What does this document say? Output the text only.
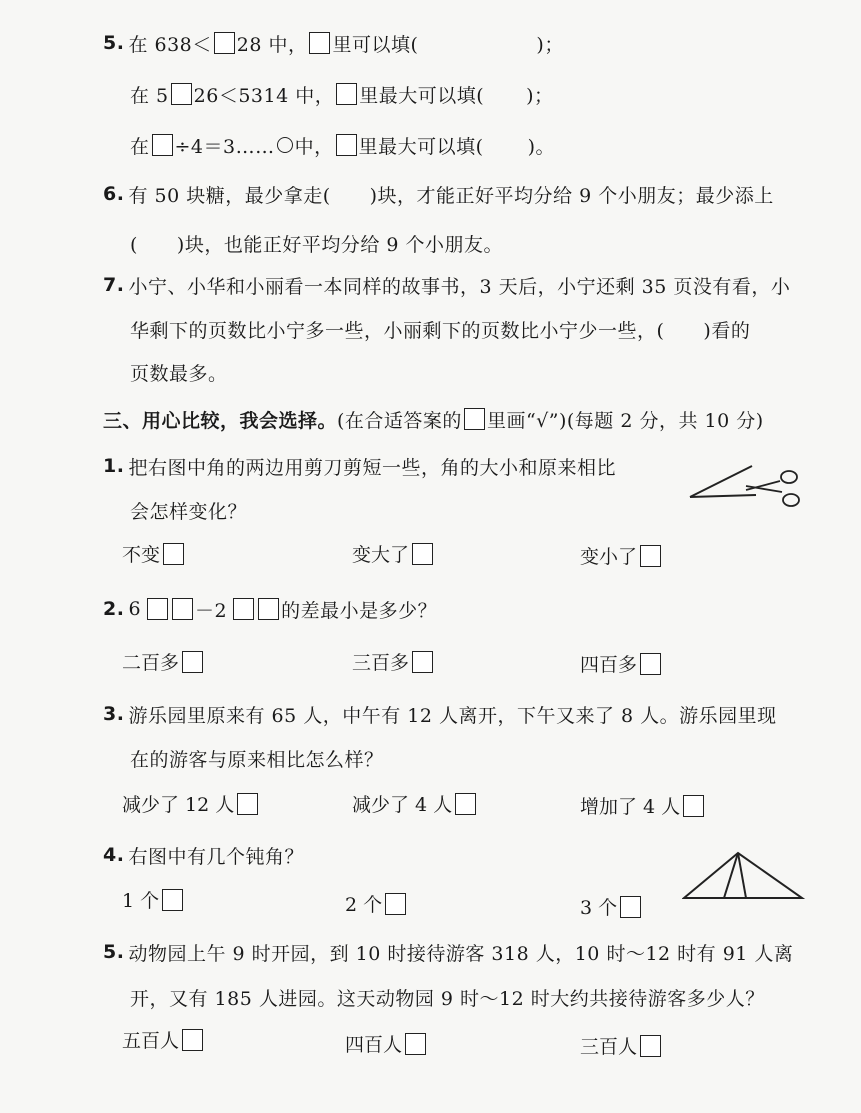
5. 在 638＜ 28 中， 里可以填(	)；
在 5 26＜5314 中， 里最大可以填( )；
在 ÷4＝3…… 中， 里最大可以填( )。
6. 有 50 块糖，最少拿走(　　)块，才能正好平均分给 9 个小朋友；最少添上
(　　)块，也能正好平均分给 9 个小朋友。
7. 小宁、小华和小丽看一本同样的故事书，3 天后，小宁还剩 35 页没有看，小
华剩下的页数比小宁多一些，小丽剩下的页数比小宁少一些，(　　)看的
页数最多。
三、用心比较，我会选择。 (在合适答案的 里画“√”)(每题 2 分，共 10 分)
1. 把右图中角的两边用剪刀剪短一些，角的大小和原来相比
会怎样变化？
不变	变大了	变小了
2. 6	－2	的差最小是多少？
二百多	三百多	四百多
3. 游乐园里原来有 65 人，中午有 12 人离开，下午又来了 8 人。游乐园里现
在的游客与原来相比怎么样？
减少了 12 人	减少了 4 人	增加了 4 人
4. 右图中有几个钝角？
1 个	2 个	3 个
5. 动物园上午 9 时开园，到 10 时接待游客 318 人，10 时～12 时有 91 人离
开，又有 185 人进园。这天动物园 9 时～12 时大约共接待游客多少人？
五百人	四百人	三百人
